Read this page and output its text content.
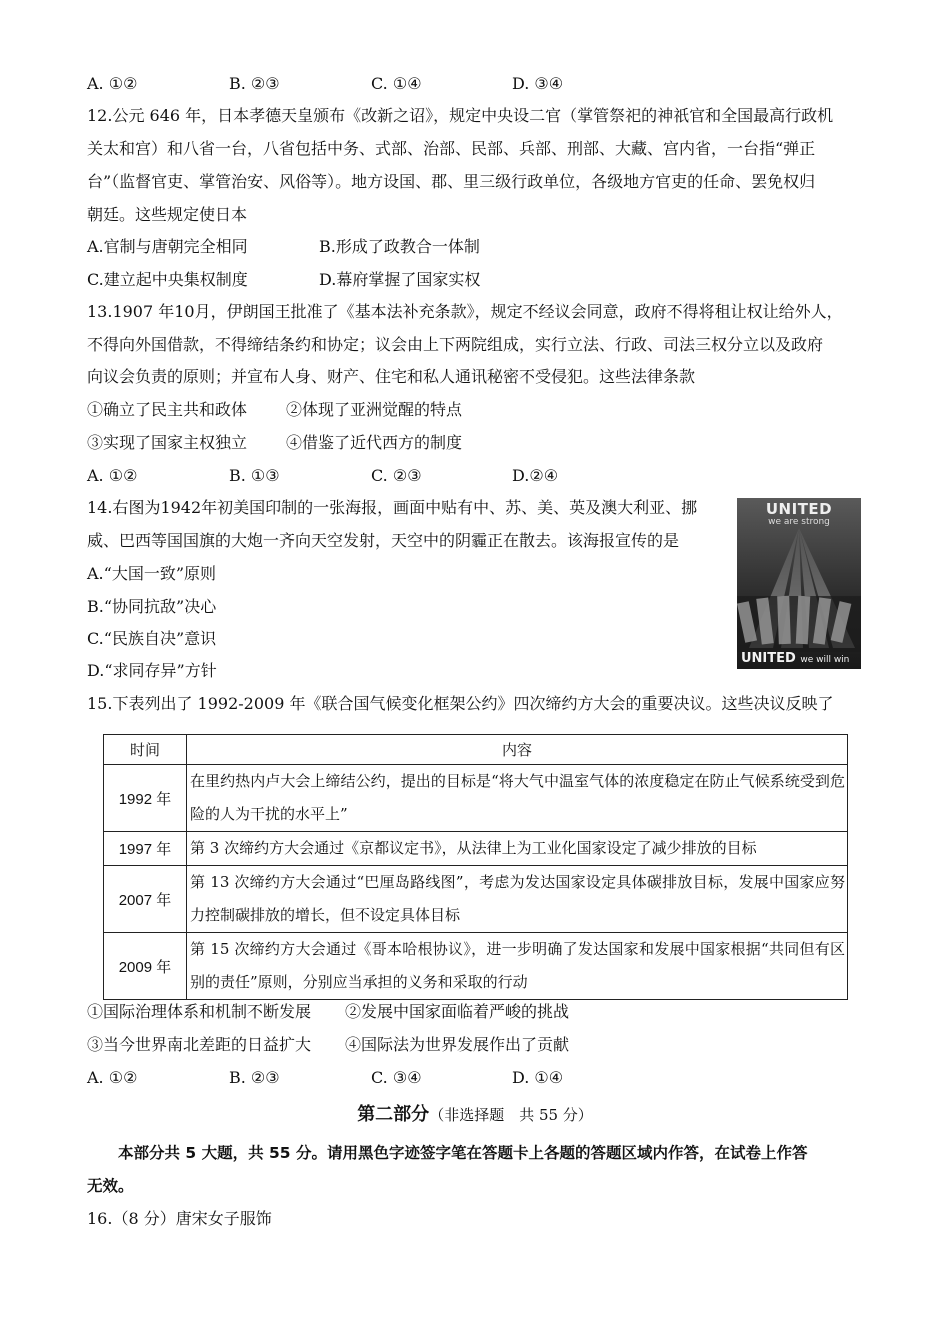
A. ①②	B. ②③	C. ①④	D. ③④
12.公元 646 年，日本孝德天皇颁布《改新之诏》，规定中央设二官（掌管祭祀的神祇官和全国最高行政机
关太和宫）和八省一台，八省包括中务、式部、治部、民部、兵部、刑部、大藏、宫内省，一台指“弹正
台”（监督官吏、掌管治安、风俗等）。地方设国、郡、里三级行政单位，各级地方官吏的任命、罢免权归
朝廷。这些规定使日本
A.官制与唐朝完全相同	B.形成了政教合一体制
C.建立起中央集权制度	D.幕府掌握了国家实权
13.1907 年10月，伊朗国王批准了《基本法补充条款》，规定不经议会同意，政府不得将租让权让给外人，
不得向外国借款，不得缔结条约和协定；议会由上下两院组成，实行立法、行政、司法三权分立以及政府
向议会负责的原则；并宣布人身、财产、住宅和私人通讯秘密不受侵犯。这些法律条款
①确立了民主共和政体 ②体现了亚洲觉醒的特点
③实现了国家主权独立 ④借鉴了近代西方的制度
A. ①②	B. ①③	C. ②③	D.②④
14.右图为1942年初美国印制的一张海报，画面中贴有中、苏、美、英及澳大利亚、挪
威、巴西等国国旗的大炮一齐向天空发射，天空中的阴霾正在散去。该海报宣传的是
A.“大国一致”原则
B.“协同抗敌”决心
C.“民族自决”意识
D.“求同存异”方针
UNITED
we are strong
UNITED we will win
15.下表列出了 1992-2009 年《联合国气候变化框架公约》四次缔约方大会的重要决议。这些决议反映了
时间	内容
1992 年	在里约热内卢大会上缔结公约，提出的目标是“将大气中温室气体的浓度稳定在防止气候系统受到危险的人为干扰的水平上”
1997 年	第 3 次缔约方大会通过《京都议定书》，从法律上为工业化国家设定了减少排放的目标
2007 年	第 13 次缔约方大会通过“巴厘岛路线图”，考虑为发达国家设定具体碳排放目标，发展中国家应努力控制碳排放的增长，但不设定具体目标
2009 年	第 15 次缔约方大会通过《哥本哈根协议》，进一步明确了发达国家和发展中国家根据“共同但有区别的责任”原则，分别应当承担的义务和采取的行动
①国际治理体系和机制不断发展 ②发展中国家面临着严峻的挑战
③当今世界南北差距的日益扩大 ④国际法为世界发展作出了贡献
A. ①②	B. ②③	C. ③④	D. ①④
第二部分（非选择题　共 55 分）
本部分共 5 大题，共 55 分。请用黑色字迹签字笔在答题卡上各题的答题区域内作答，在试卷上作答
无效。
16.（8 分）唐宋女子服饰
